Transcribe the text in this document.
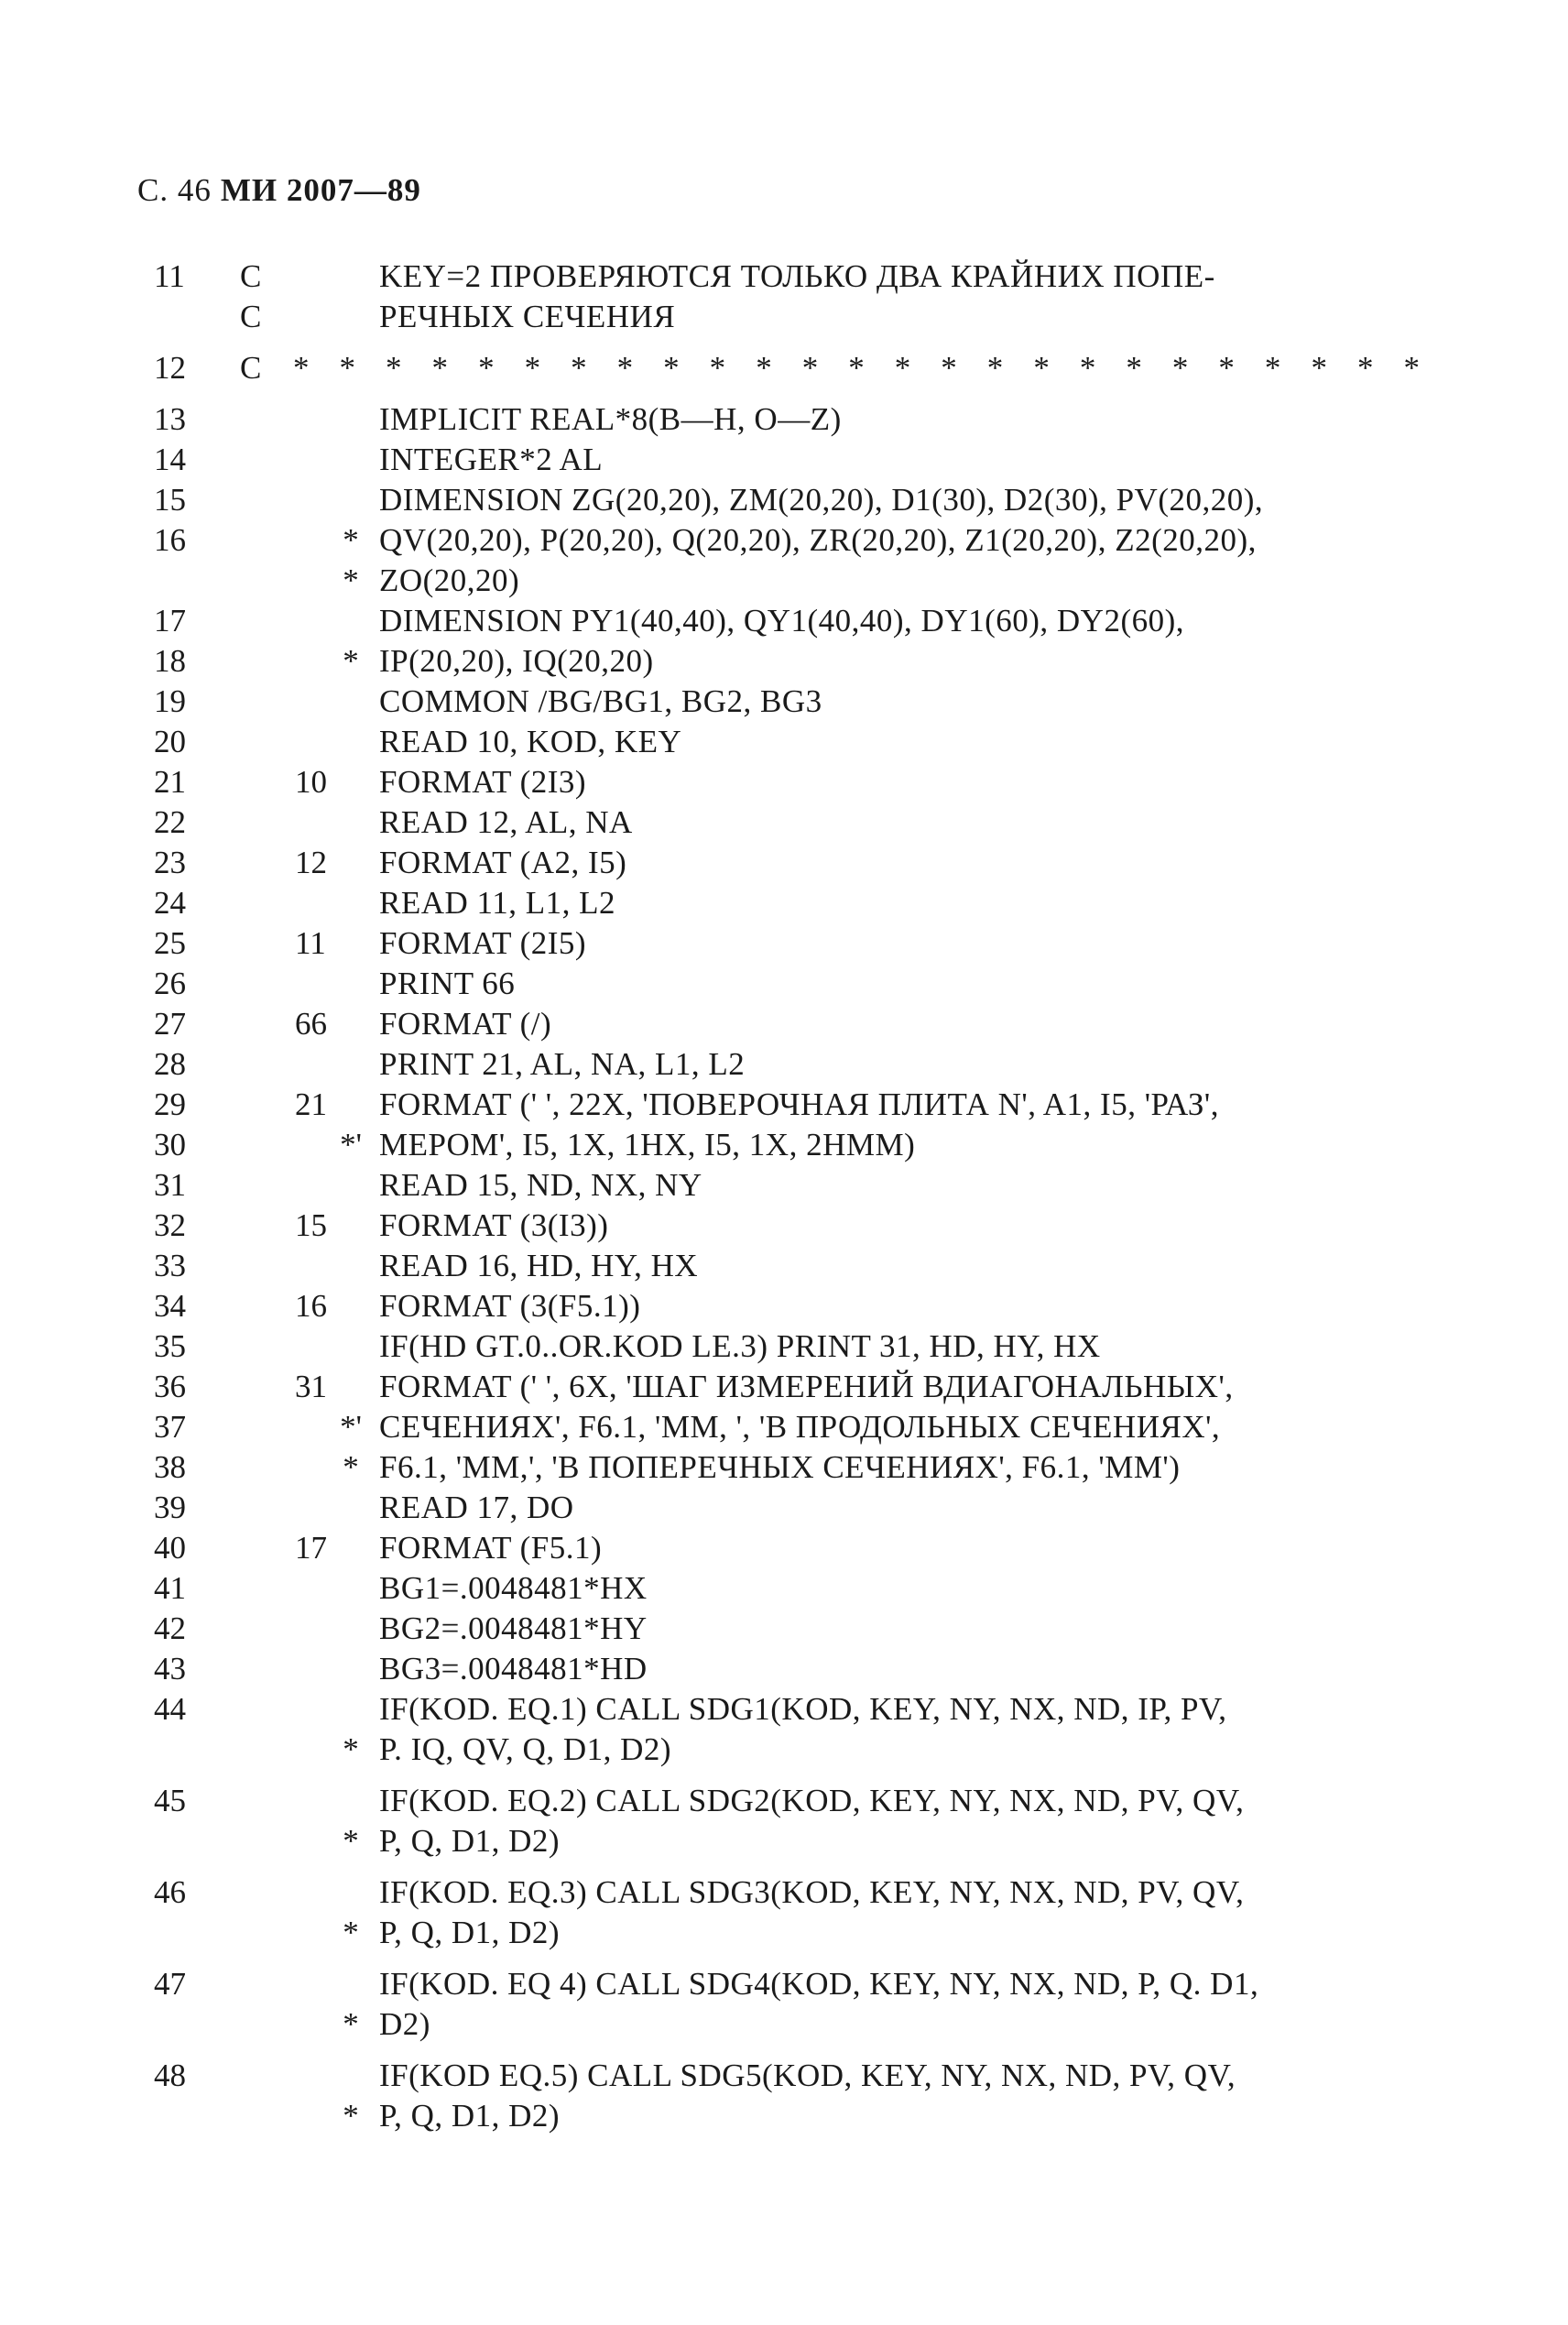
С. 46 МИ 2007—89
11	C	KEY=2 ПРОВЕРЯЮТСЯ ТОЛЬКО ДВА КРАЙНИХ ПОПЕ-
C	РЕЧНЫХ СЕЧЕНИЯ
12	C * * * * * * * * * * * * * * * * * * * * * * * * *
13	IMPLICIT REAL*8(B—H, O—Z)
14	INTEGER*2 AL
15	DIMENSION ZG(20,20), ZM(20,20), D1(30), D2(30), PV(20,20),
16	* QV(20,20), P(20,20), Q(20,20), ZR(20,20), Z1(20,20), Z2(20,20),
* ZO(20,20)
17	DIMENSION PY1(40,40), QY1(40,40), DY1(60), DY2(60),
18	* IP(20,20), IQ(20,20)
19	COMMON /BG/BG1, BG2, BG3
20	READ 10, KOD, KEY
21	10	FORMAT (2I3)
22	READ 12, AL, NA
23	12	FORMAT (A2, I5)
24	READ 11, L1, L2
25	11	FORMAT (2I5)
26	PRINT 66
27	66	FORMAT (/)
28	PRINT 21, AL, NA, L1, L2
29	21	FORMAT (' ', 22X, 'ПОВЕРОЧНАЯ ПЛИТА N', A1, I5, 'РАЗ',
30	*' MEPOM', I5, 1X, 1HX, I5, 1X, 2HMM)
31	READ 15, ND, NX, NY
32	15	FORMAT (3(I3))
33	READ 16, HD, HY, HX
34	16	FORMAT (3(F5.1))
35	IF(HD GT.0..OR.KOD LE.3) PRINT 31, HD, HY, HX
36	31	FORMAT (' ', 6X, 'ШАГ ИЗМЕРЕНИЙ ВДИАГОНАЛЬНЫХ',
37	*' СЕЧЕНИЯХ', F6.1, 'MM, ', 'В ПРОДОЛЬНЫХ СЕЧЕНИЯХ',
38	* F6.1, 'MM,', 'В ПОПЕРЕЧНЫХ СЕЧЕНИЯХ', F6.1, 'MM')
39	READ 17, DO
40	17	FORMAT (F5.1)
41	BG1=.0048481*HX
42	BG2=.0048481*HY
43	BG3=.0048481*HD
44	IF(KOD. EQ.1) CALL SDG1(KOD, KEY, NY, NX, ND, IP, PV,
* P. IQ, QV, Q, D1, D2)
45	IF(KOD. EQ.2) CALL SDG2(KOD, KEY, NY, NX, ND, PV, QV,
* P, Q, D1, D2)
46	IF(KOD. EQ.3) CALL SDG3(KOD, KEY, NY, NX, ND, PV, QV,
* P, Q, D1, D2)
47	IF(KOD. EQ 4) CALL SDG4(KOD, KEY, NY, NX, ND, P, Q. D1,
* D2)
48	IF(KOD EQ.5) CALL SDG5(KOD, KEY, NY, NX, ND, PV, QV,
* P, Q, D1, D2)
